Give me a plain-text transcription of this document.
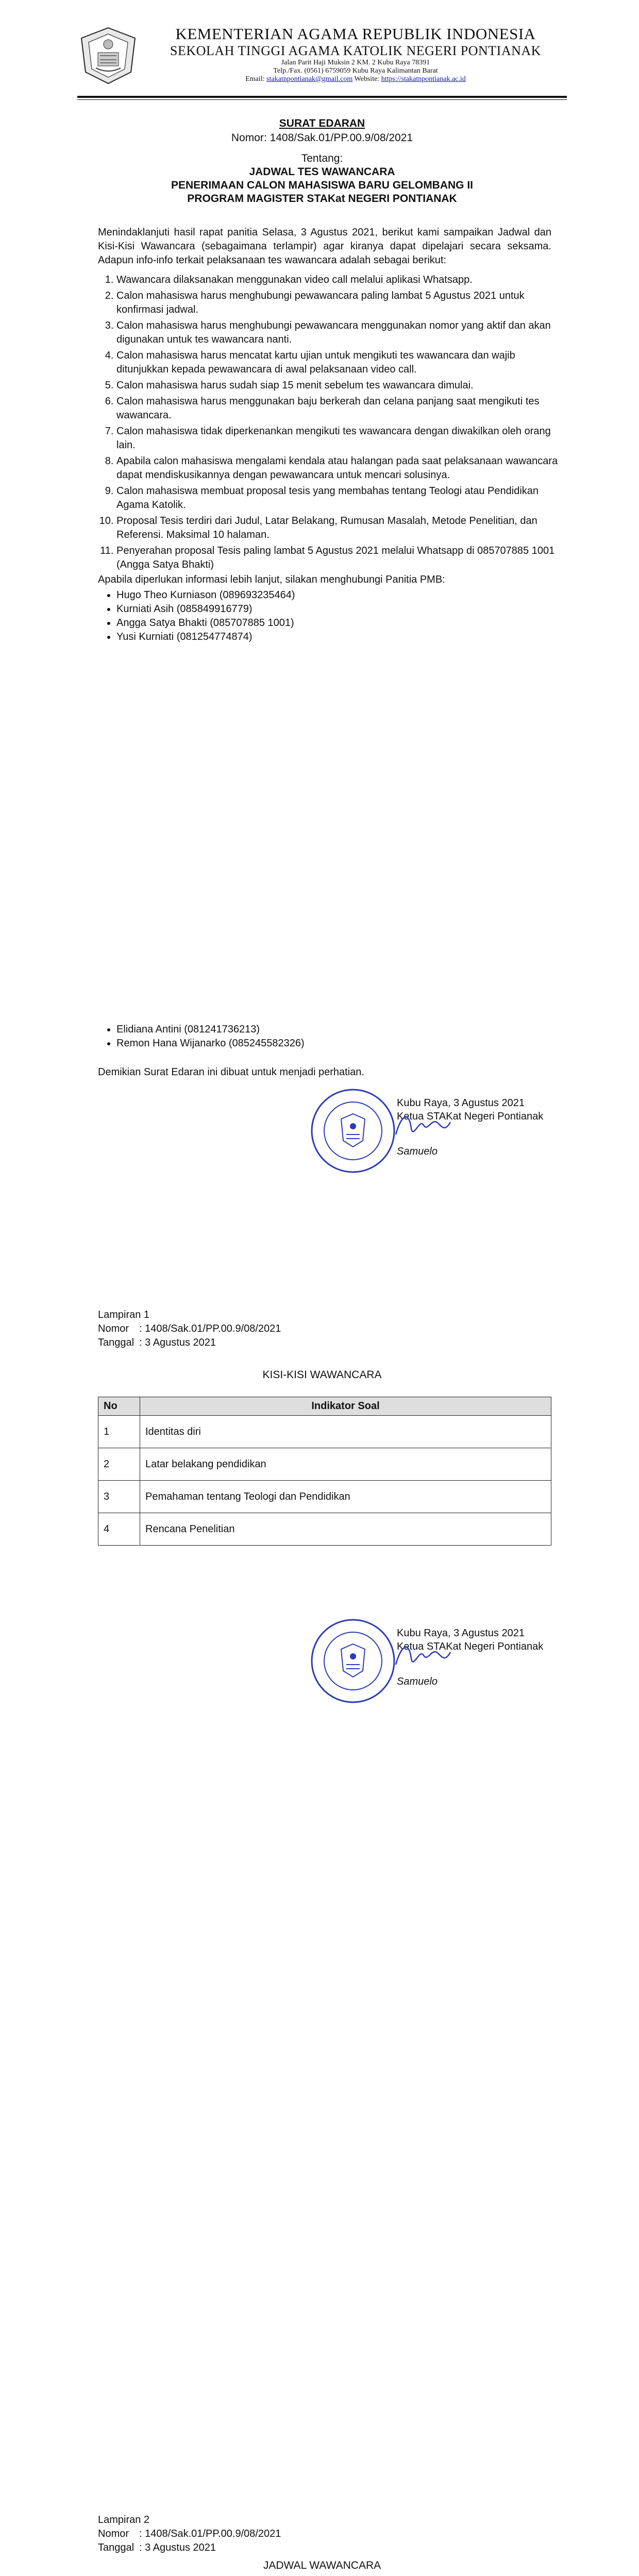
KEMENTERIAN AGAMA REPUBLIK INDONESIA
SEKOLAH TINGGI AGAMA KATOLIK NEGERI PONTIANAK
Jalan Parit Haji Muksin 2 KM. 2 Kubu Raya 78391
Telp./Fax. (0561) 6759059 Kubu Raya Kalimantan Barat
Email: stakatnpontianak@gmail.com Website: https://stakatnpontianak.ac.id
SURAT EDARAN
Nomor: 1408/Sak.01/PP.00.9/08/2021
Tentang:
JADWAL TES WAWANCARA
PENERIMAAN CALON MAHASISWA BARU GELOMBANG II
PROGRAM MAGISTER STAKat NEGERI PONTIANAK
Menindaklanjuti hasil rapat panitia Selasa, 3 Agustus 2021, berikut kami sampaikan Jadwal dan Kisi-Kisi Wawancara (sebagaimana terlampir) agar kiranya dapat dipelajari secara seksama. Adapun info-info terkait pelaksanaan tes wawancara adalah sebagai berikut:
1. Wawancara dilaksanakan menggunakan video call melalui aplikasi Whatsapp.
2. Calon mahasiswa harus menghubungi pewawancara paling lambat 5 Agustus 2021 untuk konfirmasi jadwal.
3. Calon mahasiswa harus menghubungi pewawancara menggunakan nomor yang aktif dan akan digunakan untuk tes wawancara nanti.
4. Calon mahasiswa harus mencatat kartu ujian untuk mengikuti tes wawancara dan wajib ditunjukkan kepada pewawancara di awal pelaksanaan video call.
5. Calon mahasiswa harus sudah siap 15 menit sebelum tes wawancara dimulai.
6. Calon mahasiswa harus menggunakan baju berkerah dan celana panjang saat mengikuti tes wawancara.
7. Calon mahasiswa tidak diperkenankan mengikuti tes wawancara dengan diwakilkan oleh orang lain.
8. Apabila calon mahasiswa mengalami kendala atau halangan pada saat pelaksanaan wawancara dapat mendiskusikannya dengan pewawancara untuk mencari solusinya.
9. Calon mahasiswa membuat proposal tesis yang membahas tentang Teologi atau Pendidikan Agama Katolik.
10. Proposal Tesis terdiri dari Judul, Latar Belakang, Rumusan Masalah, Metode Penelitian, dan Referensi. Maksimal 10 halaman.
11. Penyerahan proposal Tesis paling lambat 5 Agustus 2021 melalui Whatsapp di 085707885 1001 (Angga Satya Bhakti)
Apabila diperlukan informasi lebih lanjut, silakan menghubungi Panitia PMB:
• Hugo Theo Kurniason (089693235464)
• Kurniati Asih (085849916779)
• Angga Satya Bhakti (085707885 1001)
• Yusi Kurniati (081254774874)
• Elidiana Antini (081241736213)
• Remon Hana Wijanarko (085245582326)
Demikian Surat Edaran ini dibuat untuk menjadi perhatian.
Kubu Raya, 3 Agustus 2021
Ketua STAKat Negeri Pontianak
Samuelo
Lampiran 1
Nomor : 1408/Sak.01/PP.00.9/08/2021
Tanggal : 3 Agustus 2021
KISI-KISI WAWANCARA
No	Indikator Soal
1	Identitas diri
2	Latar belakang pendidikan
3	Pemahaman tentang Teologi dan Pendidikan
4	Rencana Penelitian
Kubu Raya, 3 Agustus 2021
Ketua STAKat Negeri Pontianak
Samuelo
Lampiran 2
Nomor : 1408/Sak.01/PP.00.9/08/2021
Tanggal : 3 Agustus 2021
JADWAL WAWANCARA
